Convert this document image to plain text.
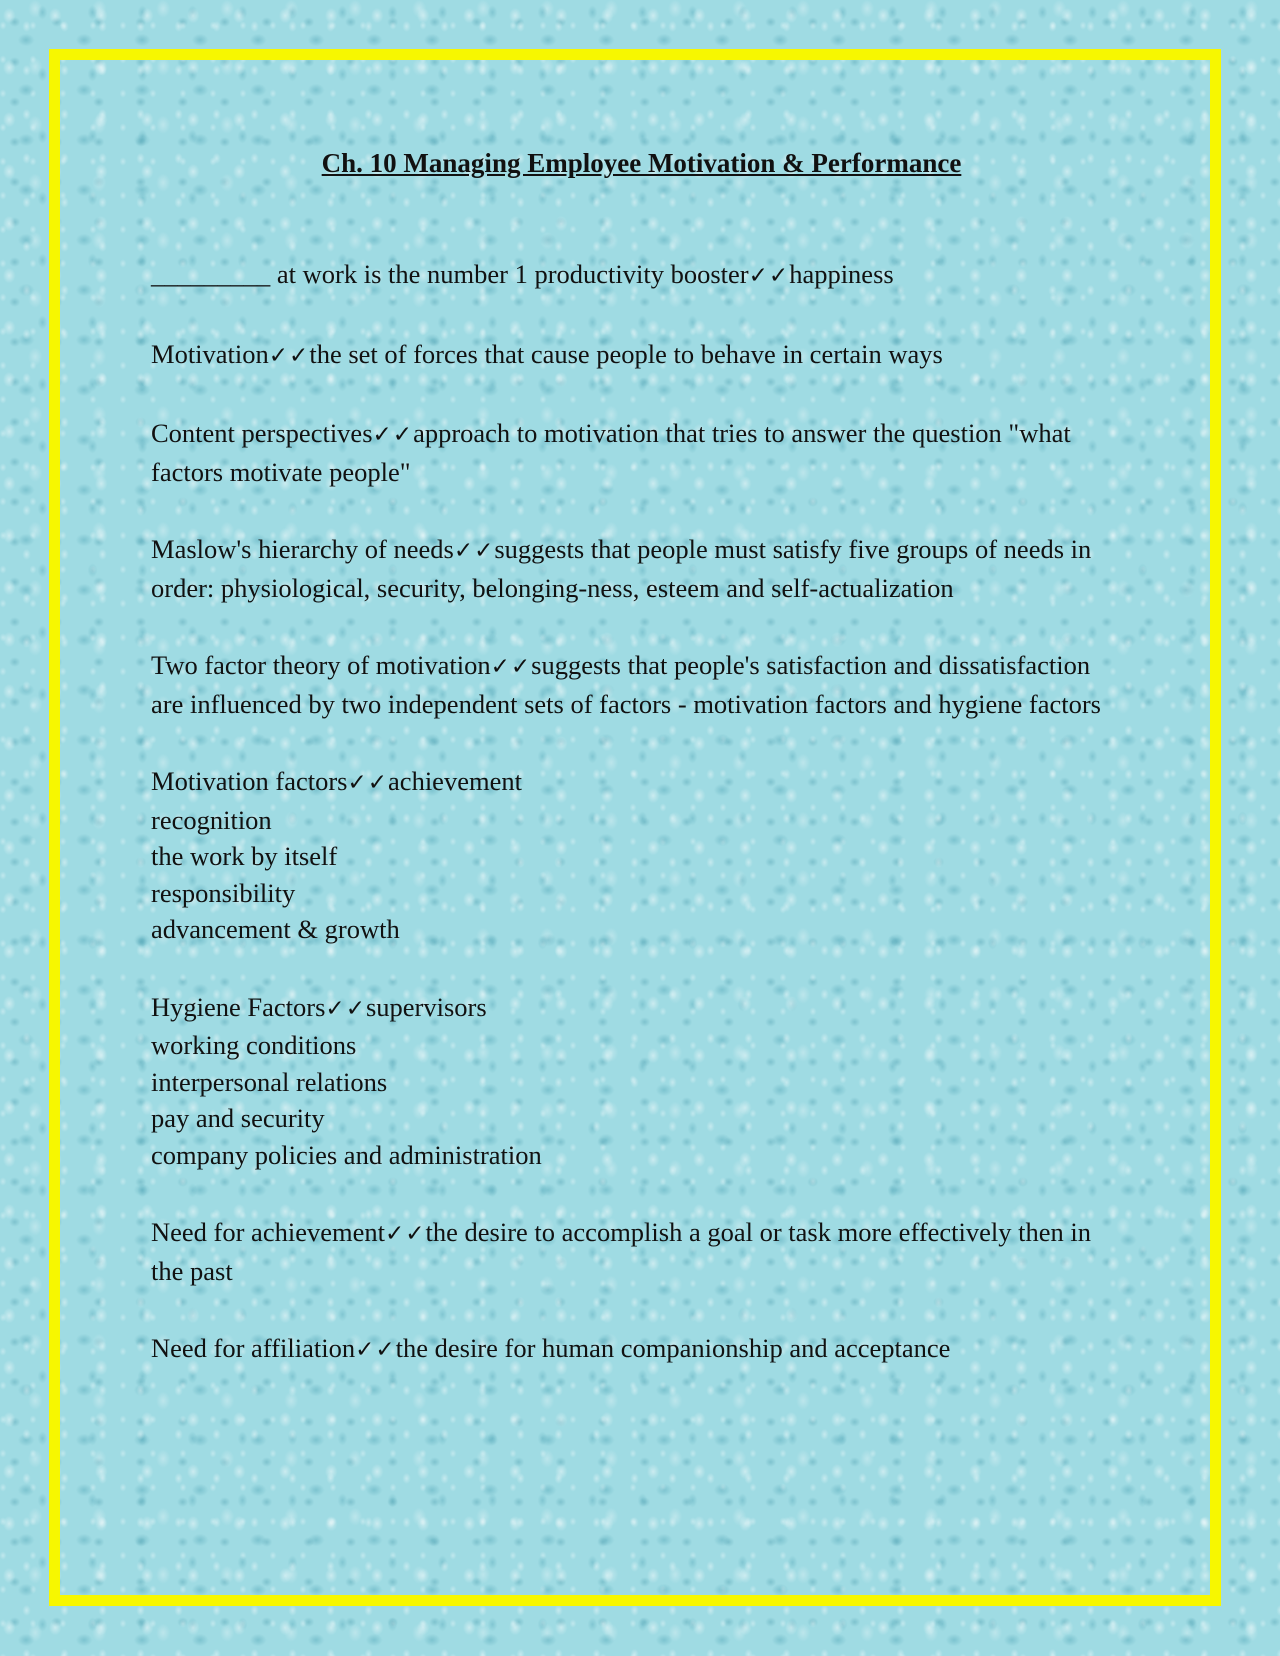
Ch. 10 Managing Employee Motivation & Performance
_________ at work is the number 1 productivity booster✓✓happiness
Motivation✓✓the set of forces that cause people to behave in certain ways
Content perspectives✓✓approach to motivation that tries to answer the question "what factors motivate people"
Maslow's hierarchy of needs✓✓suggests that people must satisfy five groups of needs in order: physiological, security, belonging-ness, esteem and self-actualization
Two factor theory of motivation✓✓suggests that people's satisfaction and dissatisfaction are influenced by two independent sets of factors - motivation factors and hygiene factors
Motivation factors✓✓achievement
recognition
the work by itself
responsibility
advancement & growth
Hygiene Factors✓✓supervisors
working conditions
interpersonal relations
pay and security
company policies and administration
Need for achievement✓✓the desire to accomplish a goal or task more effectively then in the past
Need for affiliation✓✓the desire for human companionship and acceptance
